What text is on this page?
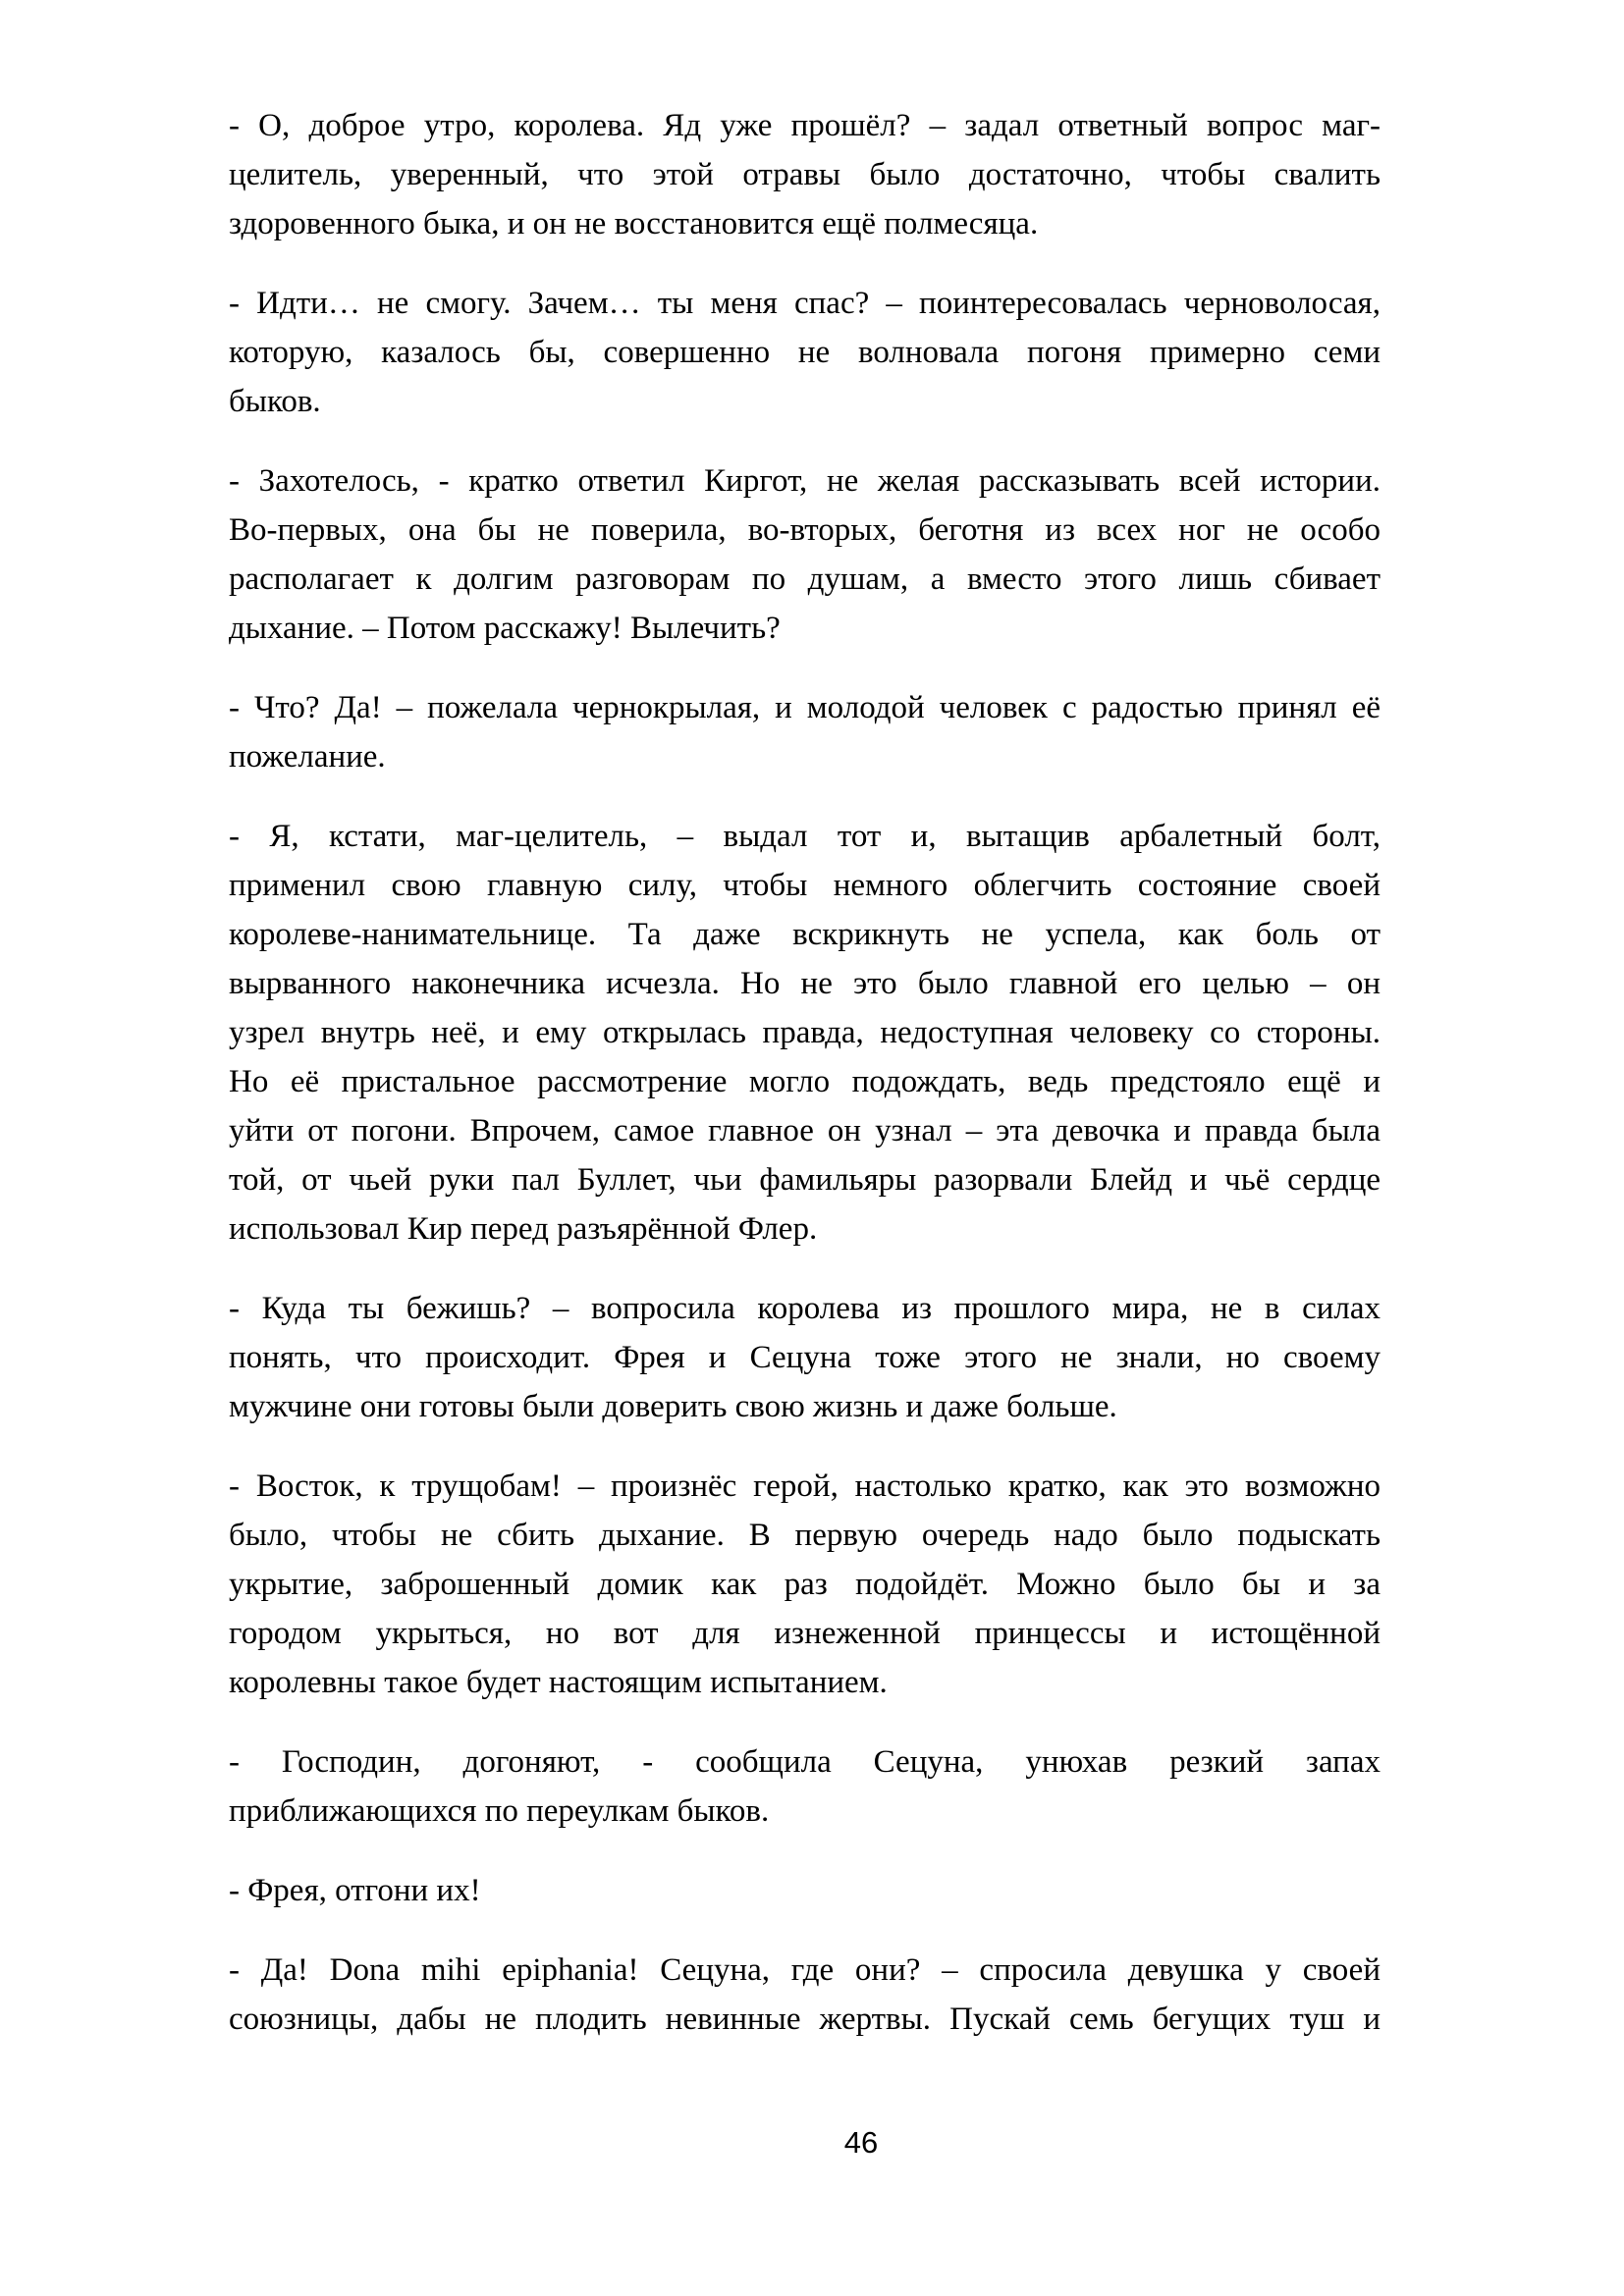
- О, доброе утро, королева. Яд уже прошёл? – задал ответный вопрос маг-
целитель, уверенный, что этой отравы было достаточно, чтобы свалить
здоровенного быка, и он не восстановится ещё полмесяца.
- Идти… не смогу. Зачем… ты меня спас? – поинтересовалась черноволосая,
которую, казалось бы, совершенно не волновала погоня примерно семи
быков.
- Захотелось, - кратко ответил Киргот, не желая рассказывать всей истории.
Во-первых, она бы не поверила, во-вторых, беготня из всех ног не особо
располагает к долгим разговорам по душам, а вместо этого лишь сбивает
дыхание. – Потом расскажу! Вылечить?
- Что? Да! – пожелала чернокрылая, и молодой человек с радостью принял её
пожелание.
- Я, кстати, маг-целитель, – выдал тот и, вытащив арбалетный болт,
применил свою главную силу, чтобы немного облегчить состояние своей
королеве-нанимательнице. Та даже вскрикнуть не успела, как боль от
вырванного наконечника исчезла. Но не это было главной его целью – он
узрел внутрь неё, и ему открылась правда, недоступная человеку со стороны.
Но её пристальное рассмотрение могло подождать, ведь предстояло ещё и
уйти от погони. Впрочем, самое главное он узнал – эта девочка и правда была
той, от чьей руки пал Буллет, чьи фамильяры разорвали Блейд и чьё сердце
использовал Кир перед разъярённой Флер.
- Куда ты бежишь? – вопросила королева из прошлого мира, не в силах
понять, что происходит. Фрея и Сецуна тоже этого не знали, но своему
мужчине они готовы были доверить свою жизнь и даже больше.
- Восток, к трущобам! – произнёс герой, настолько кратко, как это возможно
было, чтобы не сбить дыхание. В первую очередь надо было подыскать
укрытие, заброшенный домик как раз подойдёт. Можно было бы и за
городом укрыться, но вот для изнеженной принцессы и истощённой
королевны такое будет настоящим испытанием.
- Господин, догоняют, - сообщила Сецуна, унюхав резкий запах
приближающихся по переулкам быков.
- Фрея, отгони их!
- Да! Dona mihi epiphania! Сецуна, где они? – спросила девушка у своей
союзницы, дабы не плодить невинные жертвы. Пускай семь бегущих туш и
46
